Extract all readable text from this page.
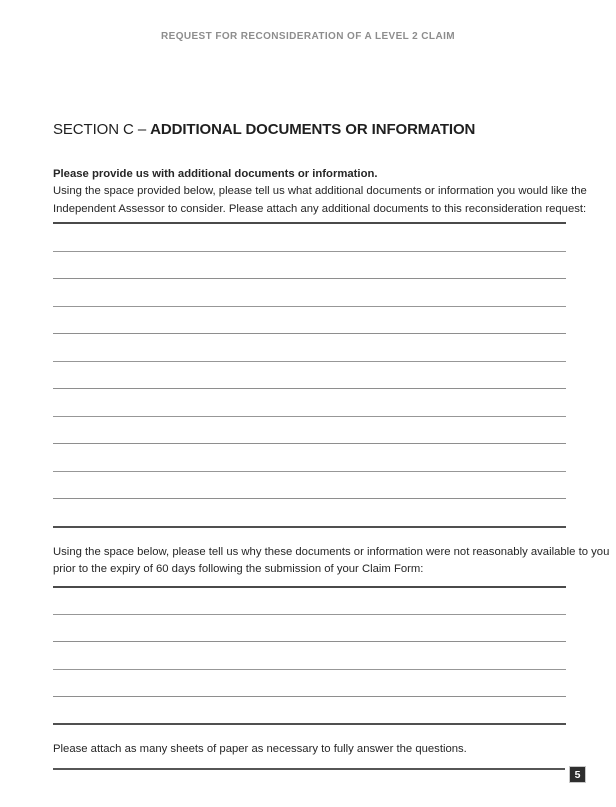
REQUEST FOR RECONSIDERATION OF A LEVEL 2 CLAIM
SECTION C – ADDITIONAL DOCUMENTS OR INFORMATION
Please provide us with additional documents or information.
Using the space provided below, please tell us what additional documents or information you would like the
Independent Assessor to consider. Please attach any additional documents to this reconsideration request:
Using the space below, please tell us why these documents or information were not reasonably available to you
prior to the expiry of 60 days following the submission of your Claim Form:
Please attach as many sheets of paper as necessary to fully answer the questions.
5
